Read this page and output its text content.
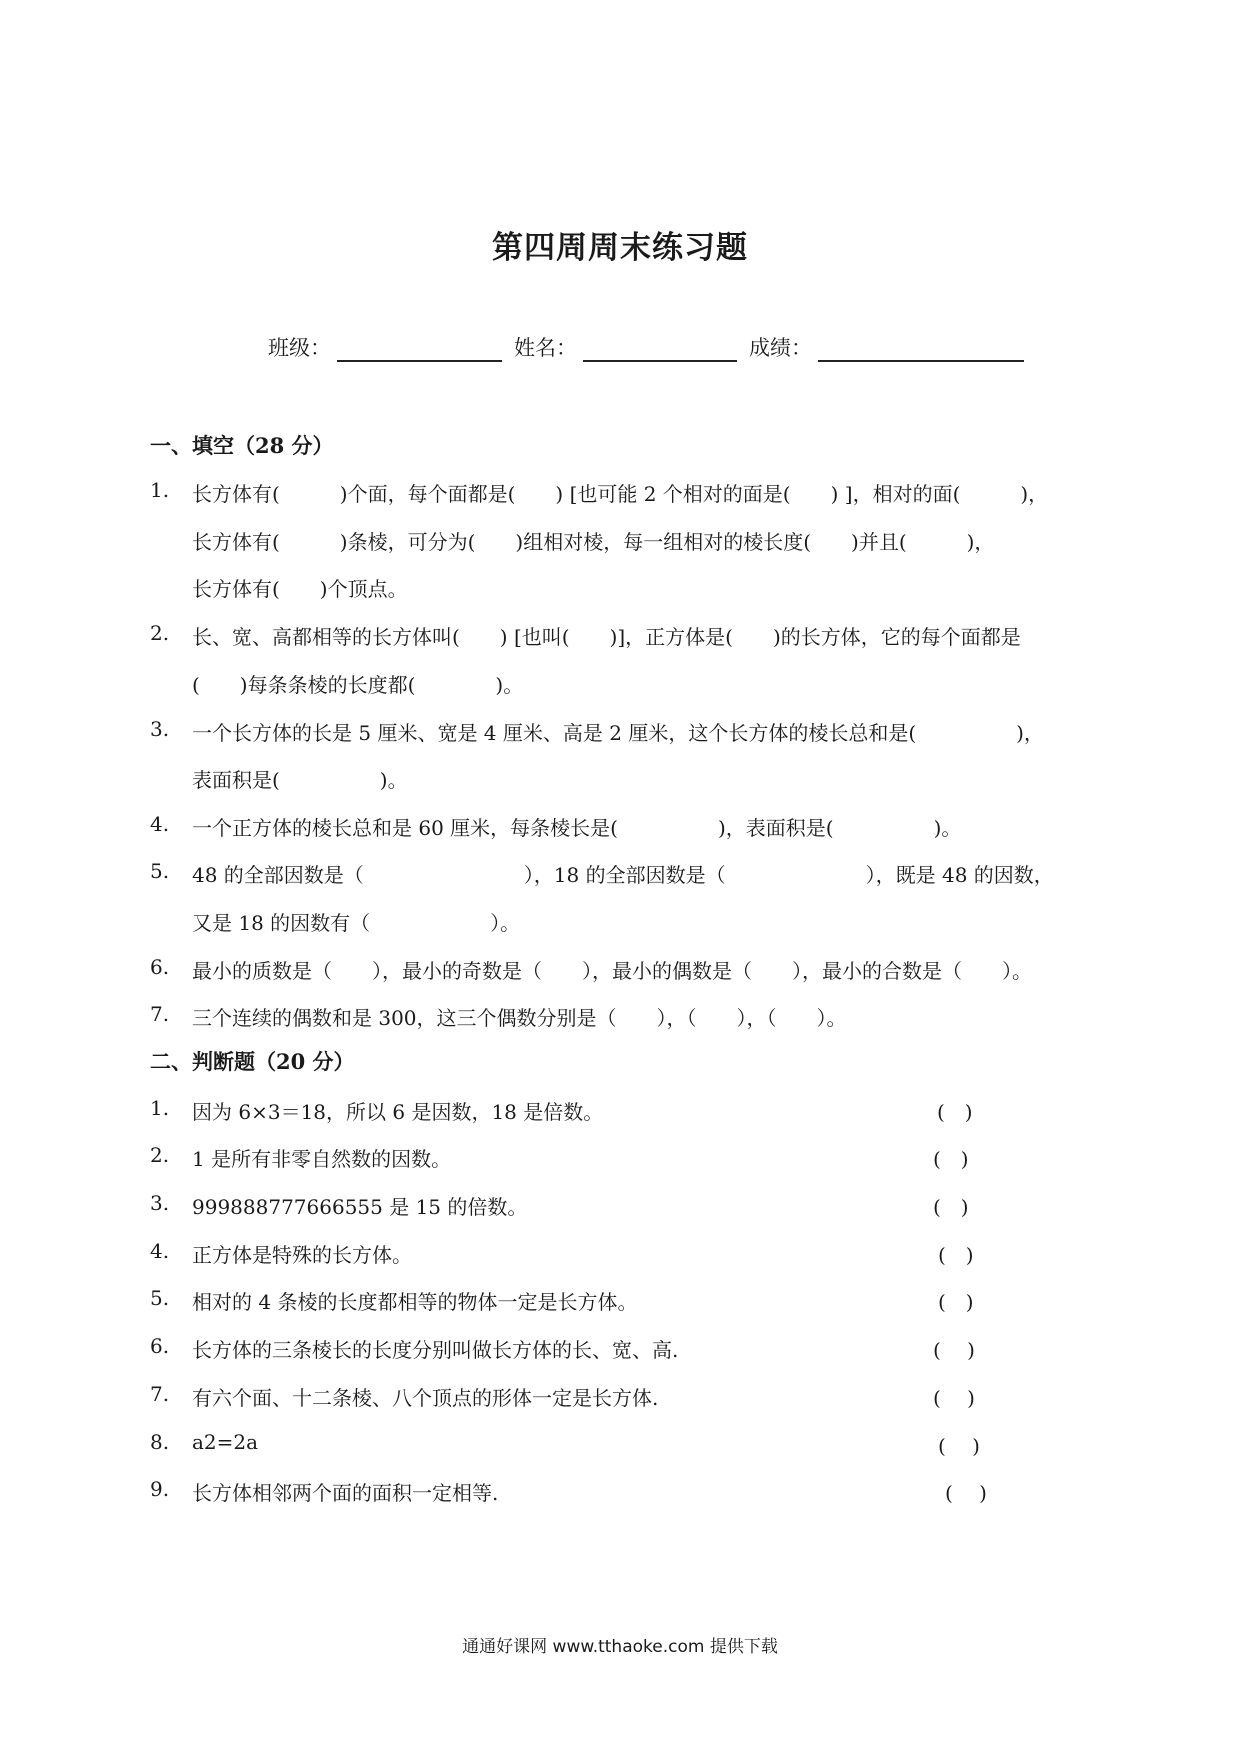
第四周周末练习题
班级：	姓名：	成绩：
一、填空（28 分）
1.	长方体有(　　　)个面，每个面都是(　　) [也可能 2 个相对的面是(　　) ]，相对的面(　　　)，
长方体有(　　　)条棱，可分为(　　)组相对棱，每一组相对的棱长度(　　)并且(　　　)，
长方体有(　　)个顶点。
2.	长、宽、高都相等的长方体叫(　　) [也叫(　　)]，正方体是(　　)的长方体，它的每个面都是
(　　)每条条棱的长度都(　　　　)。
3.	一个长方体的长是 5 厘米、宽是 4 厘米、高是 2 厘米，这个长方体的棱长总和是(　　　　　)，
表面积是(　　　　　)。
4.	一个正方体的棱长总和是 60 厘米，每条棱长是(　　　　　)，表面积是(　　　　　)。
5.	48 的全部因数是（　　　　　　　　），18 的全部因数是（　　　　　　　），既是 48 的因数，
又是 18 的因数有（　　　　　　）。
6.	最小的质数是（　　），最小的奇数是（　　），最小的偶数是（　　），最小的合数是（　　）。
7.	三个连续的偶数和是 300，这三个偶数分别是（　　），（　　），（　　）。
二、判断题（20 分）
1.	因为 6×3＝18，所以 6 是因数，18 是倍数。	(　)
2.	1 是所有非零自然数的因数。	(　)
3.	999888777666555 是 15 的倍数。	(　)
4.	正方体是特殊的长方体。	(　)
5.	相对的 4 条棱的长度都相等的物体一定是长方体。	(　)
6.	长方体的三条棱长的长度分别叫做长方体的长、宽、高.	(　 )
7.	有六个面、十二条棱、八个顶点的形体一定是长方体.	(　 )
8.	a2=2a	(　 )
9.	长方体相邻两个面的面积一定相等.	(　 )
通通好课网 www.tthaoke.com 提供下载
